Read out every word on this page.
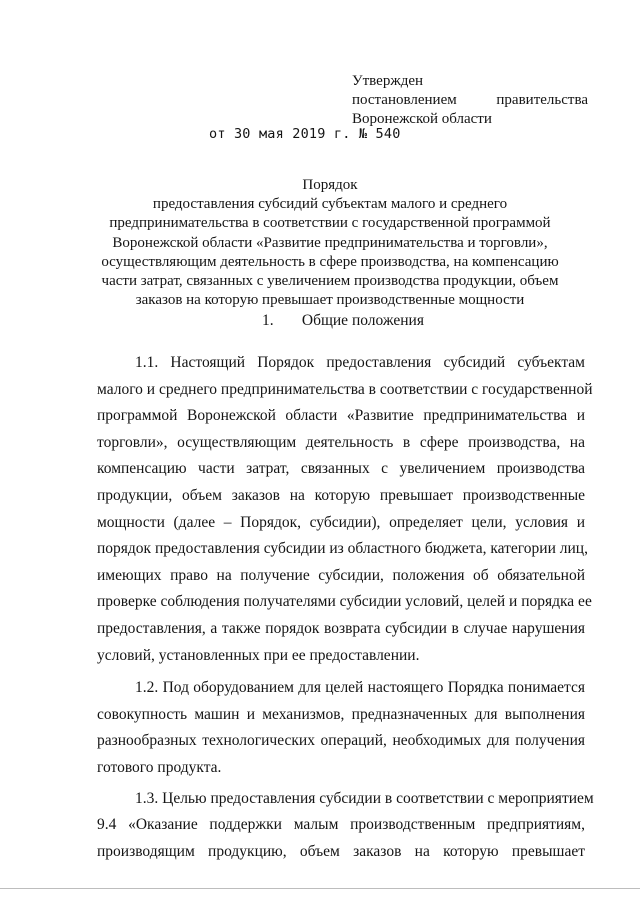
Утвержден
постановлением	правительства
Воронежской области
от 30 мая 2019 г. № 540
Порядок
предоставления субсидий субъектам малого и среднего
предпринимательства в соответствии с государственной программой
Воронежской области «Развитие предпринимательства и торговли»,
осуществляющим деятельность в сфере производства, на компенсацию
части затрат, связанных с увеличением производства продукции, объем
заказов на которую превышает производственные мощности
1. Общие положения
1.1. Настоящий Порядок предоставления субсидий субъектам
малого и среднего предпринимательства в соответствии с государственной
программой Воронежской области «Развитие предпринимательства и
торговли», осуществляющим деятельность в сфере производства, на
компенсацию части затрат, связанных с увеличением производства
продукции, объем заказов на которую превышает производственные
мощности (далее – Порядок, субсидии), определяет цели, условия и
порядок предоставления субсидии из областного бюджета, категории лиц,
имеющих право на получение субсидии, положения об обязательной
проверке соблюдения получателями субсидии условий, целей и порядка ее
предоставления, а также порядок возврата субсидии в случае нарушения
условий, установленных при ее предоставлении.
1.2. Под оборудованием для целей настоящего Порядка понимается
совокупность машин и механизмов, предназначенных для выполнения
разнообразных технологических операций, необходимых для получения
готового продукта.
1.3. Целью предоставления субсидии в соответствии с мероприятием
9.4 «Оказание поддержки малым производственным предприятиям,
производящим продукцию, объем заказов на которую превышает
